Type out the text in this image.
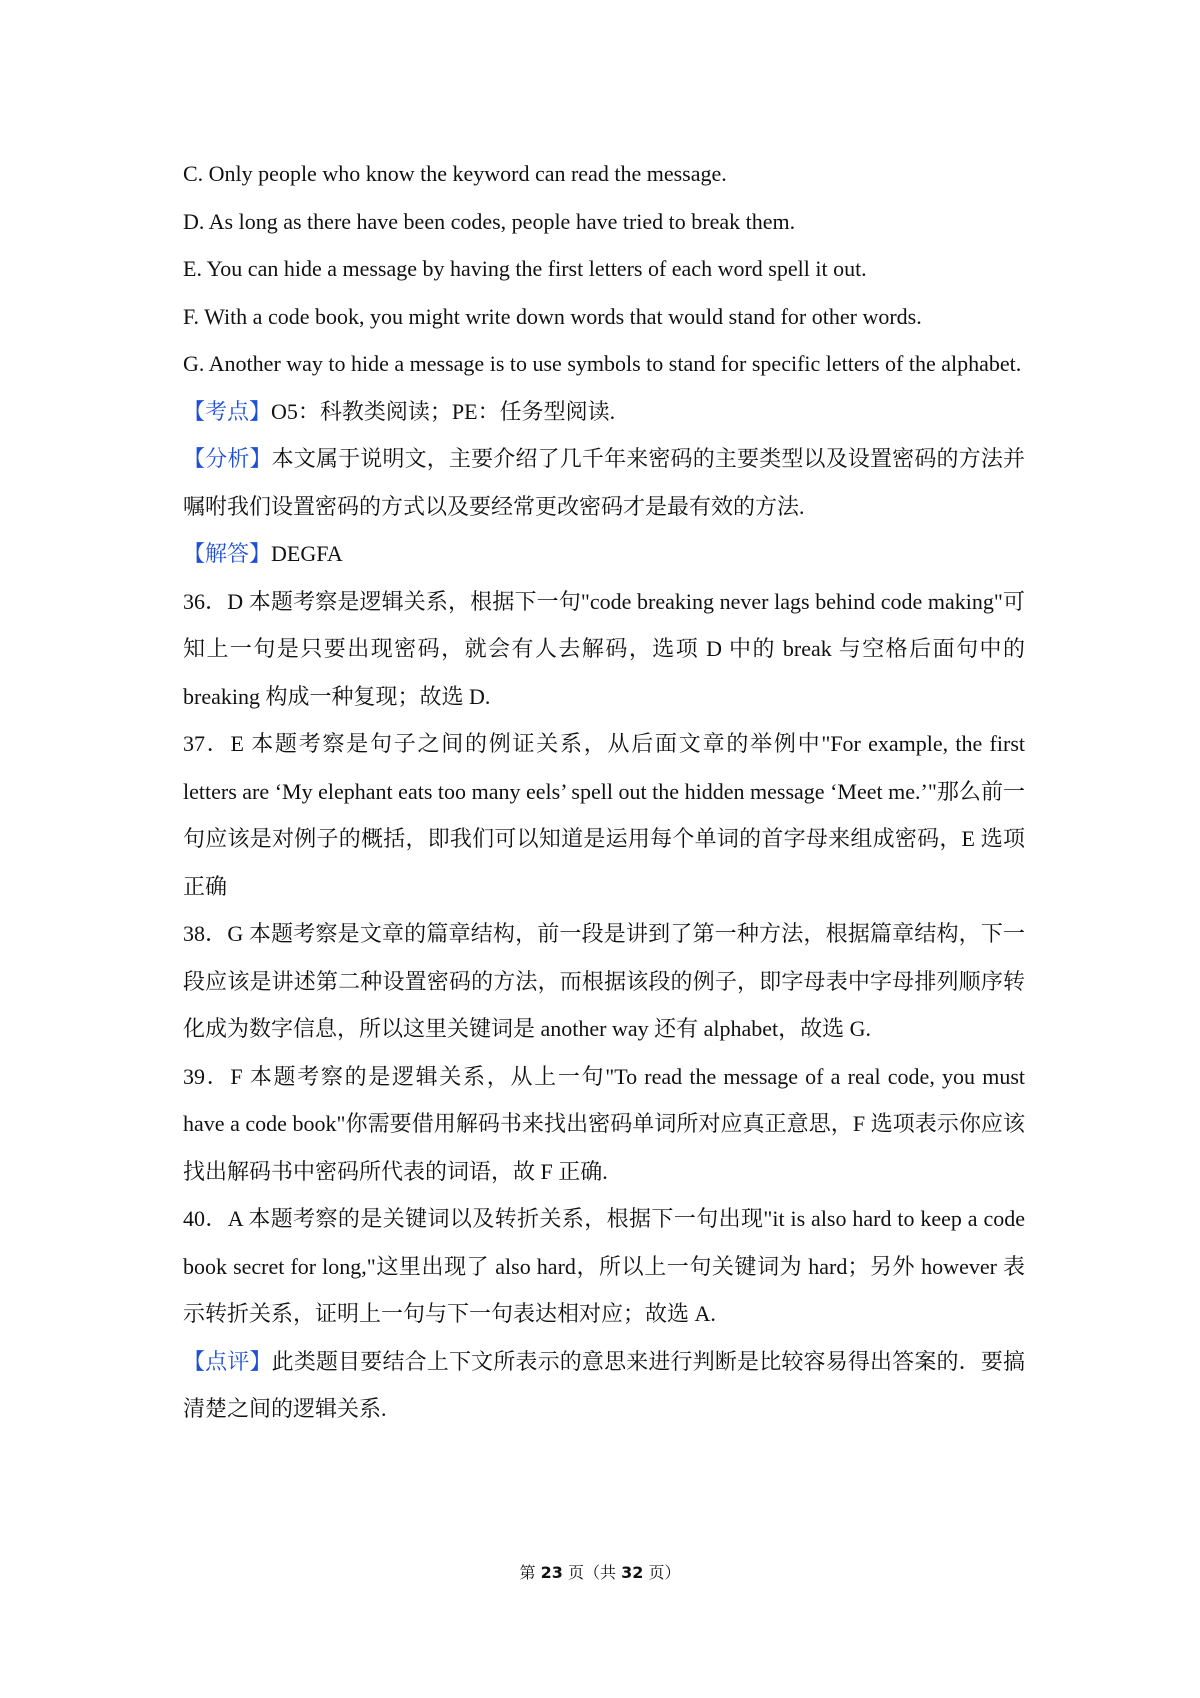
C. Only people who know the keyword can read the message.
D. As long as there have been codes, people have tried to break them.
E. You can hide a message by having the first letters of each word spell it out.
F. With a code book, you might write down words that would stand for other words.
G. Another way to hide a message is to use symbols to stand for specific letters of the alphabet.
【考点】O5：科教类阅读；PE：任务型阅读.
【分析】本文属于说明文，主要介绍了几千年来密码的主要类型以及设置密码的方法并嘱咐我们设置密码的方式以及要经常更改密码才是最有效的方法.
【解答】DEGFA
36．D 本题考察是逻辑关系，根据下一句"code breaking never lags behind code making"可知上一句是只要出现密码，就会有人去解码，选项 D 中的 break 与空格后面句中的 breaking 构成一种复现；故选 D.
37．E 本题考察是句子之间的例证关系，从后面文章的举例中"For example, the first letters are ‘My elephant eats too many eels’ spell out the hidden message ‘Meet me.’"那么前一句应该是对例子的概括，即我们可以知道是运用每个单词的首字母来组成密码，E 选项正确
38．G 本题考察是文章的篇章结构，前一段是讲到了第一种方法，根据篇章结构，下一段应该是讲述第二种设置密码的方法，而根据该段的例子，即字母表中字母排列顺序转化成为数字信息，所以这里关键词是 another way 还有 alphabet，故选 G.
39．F 本题考察的是逻辑关系，从上一句"To read the message of a real code, you must have a code book"你需要借用解码书来找出密码单词所对应真正意思，F 选项表示你应该找出解码书中密码所代表的词语，故 F 正确.
40．A 本题考察的是关键词以及转折关系，根据下一句出现"it is also hard to keep a code book secret for long,"这里出现了 also hard，所以上一句关键词为 hard；另外 however 表示转折关系，证明上一句与下一句表达相对应；故选 A.
【点评】此类题目要结合上下文所表示的意思来进行判断是比较容易得出答案的．要搞清楚之间的逻辑关系.
第 23 页（共 32 页）
